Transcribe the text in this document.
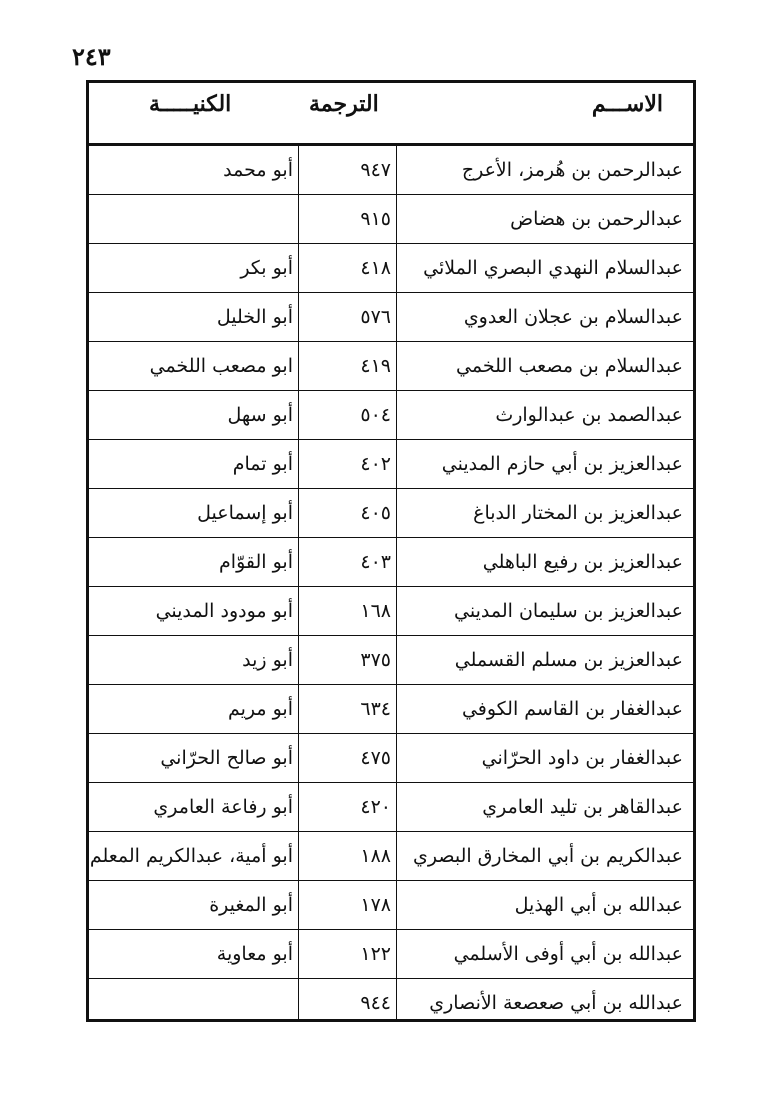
٢٤٣
الاســـم
الترجمة
الكنيـــــة
عبدالرحمن بن هُرمز، الأعرج
٩٤٧
أبو محمد
عبدالرحمن بن هضاض
٩١٥
عبدالسلام النهدي البصري الملائي
٤١٨
أبو بكر
عبدالسلام بن عجلان العدوي
٥٧٦
أبو الخليل
عبدالسلام بن مصعب اللخمي
٤١٩
ابو مصعب اللخمي
عبدالصمد بن عبدالوارث
٥٠٤
أبو سهل
عبدالعزيز بن أبي حازم المديني
٤٠٢
أبو تمام
عبدالعزيز بن المختار الدباغ
٤٠٥
أبو إسماعيل
عبدالعزيز بن رفيع الباهلي
٤٠٣
أبو القوّام
عبدالعزيز بن سليمان المديني
١٦٨
أبو مودود المديني
عبدالعزيز بن مسلم القسملي
٣٧٥
أبو زيد
عبدالغفار بن القاسم الكوفي
٦٣٤
أبو مريم
عبدالغفار بن داود الحرّاني
٤٧٥
أبو صالح الحرّاني
عبدالقاهر بن تليد العامري
٤٢٠
أبو رفاعة العامري
عبدالكريم بن أبي المخارق البصري
١٨٨
أبو أمية، عبدالكريم المعلم
عبدالله بن أبي الهذيل
١٧٨
أبو المغيرة
عبدالله بن أبي أوفى الأسلمي
١٢٢
أبو معاوية
عبدالله بن أبي صعصعة الأنصاري
٩٤٤
